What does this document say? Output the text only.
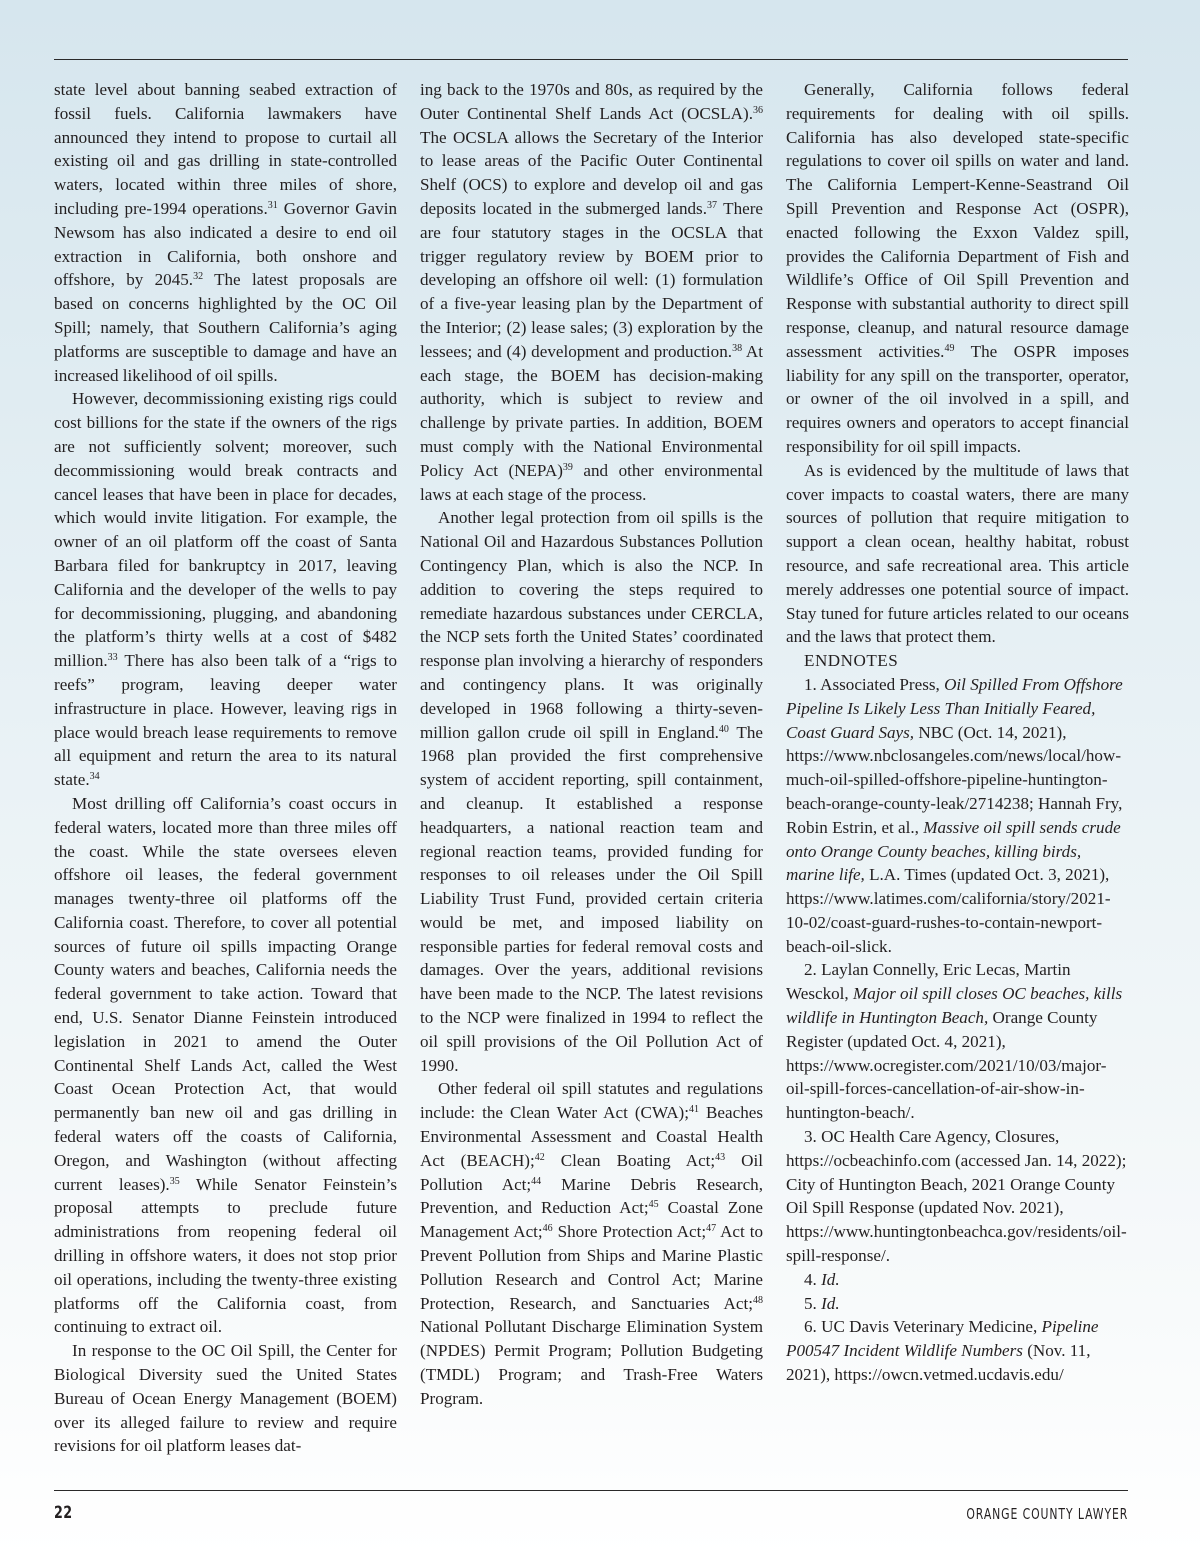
state level about banning seabed extraction of fossil fuels. California lawmakers have announced they intend to propose to curtail all existing oil and gas drilling in state-controlled waters, located within three miles of shore, including pre-1994 operations.$^{31}$ Governor Gavin Newsom has also indicated a desire to end oil extraction in California, both onshore and offshore, by 2045.32 The latest proposals are based on concerns highlighted by the OC Oil Spill; namely, that Southern California’s aging platforms are susceptible to damage and have an increased likelihood of oil spills.

However, decommissioning existing rigs could cost billions for the state if the owners of the rigs are not sufficiently solvent; moreover, such decommissioning would break contracts and cancel leases that have been in place for decades, which would invite litigation. For example, the owner of an oil platform off the coast of Santa Barbara filed for bankruptcy in 2017, leaving California and the developer of the wells to pay for decommissioning, plugging, and abandoning the platform’s thirty wells at a cost of $482 million.$^{33}$ There has also been talk of a “rigs to reefs” program, leaving deeper water infrastructure in place. However, leaving rigs in place would breach lease requirements to remove all equipment and return the area to its natural state.$^{34}$

Most drilling off California’s coast occurs in federal waters, located more than three miles off the coast. While the state oversees eleven offshore oil leases, the federal government manages twenty-three oil platforms off the California coast. Therefore, to cover all potential sources of future oil spills impacting Orange County waters and beaches, California needs the federal government to take action. Toward that end, U.S. Senator Dianne Feinstein introduced legislation in 2021 to amend the Outer Continental Shelf Lands Act, called the West Coast Ocean Protection Act, that would permanently ban new oil and gas drilling in federal waters off the coasts of California, Oregon, and Washington (without affecting current leases).$^{35}$ While Senator Feinstein’s proposal attempts to preclude future administrations from reopening federal oil drilling in offshore waters, it does not stop prior oil operations, including the twenty-three existing platforms off the California coast, from continuing to extract oil.

In response to the OC Oil Spill, the Center for Biological Diversity sued the United States Bureau of Ocean Energy Management (BOEM) over its alleged failure to review and require revisions for oil platform leases dat-

ing back to the 1970s and 80s, as required by the Outer Continental Shelf Lands Act (OCSLA).$^{36}$ The OCSLA allows the Secretary of the Interior to lease areas of the Pacific Outer Continental Shelf (OCS) to explore and develop oil and gas deposits located in the submerged lands.$^{37}$ There are four statutory stages in the OCSLA that trigger regulatory review by BOEM prior to developing an offshore oil well: (1) formulation of a five-year leasing plan by the Department of the Interior; (2) lease sales; (3) exploration by the lessees; and (4) development and production.$^{38}$ At each stage, the BOEM has decision-making authority, which is subject to review and challenge by private parties. In addition, BOEM must comply with the National Environmental Policy Act (NEPA)$^{39}$ and other environmental laws at each stage of the process.

Another legal protection from oil spills is the National Oil and Hazardous Substances Pollution Contingency Plan, which is also the NCP. In addition to covering the steps required to remediate hazardous substances under CERCLA, the NCP sets forth the United States’ coordinated response plan involving a hierarchy of responders and contingency plans. It was originally developed in 1968 following a thirty-seven-million gallon crude oil spill in England.$^{40}$ The 1968 plan provided the first comprehensive system of accident reporting, spill containment, and cleanup. It established a response headquarters, a national reaction team and regional reaction teams, provided funding for responses to oil releases under the Oil Spill Liability Trust Fund, provided certain criteria would be met, and imposed liability on responsible parties for federal removal costs and damages. Over the years, additional revisions have been made to the NCP. The latest revisions to the NCP were finalized in 1994 to reflect the oil spill provisions of the Oil Pollution Act of 1990.

Other federal oil spill statutes and regulations include: the Clean Water Act (CWA);$^{41}$ Beaches Environmental Assessment and Coastal Health Act (BEACH);$^{42}$ Clean Boating Act;$^{43}$ Oil Pollution Act;$^{44}$ Marine Debris Research, Prevention, and Reduction Act;$^{45}$ Coastal Zone Management Act;$^{46}$ Shore Protection Act;$^{47}$ Act to Prevent Pollution from Ships and Marine Plastic Pollution Research and Control Act; Marine Protection, Research, and Sanctuaries Act;$^{48}$ National Pollutant Discharge Elimination System (NPDES) Permit Program; Pollution Budgeting (TMDL) Program; and Trash-Free Waters Program.

Generally, California follows federal requirements for dealing with oil spills. California has also developed state-specific regulations to cover oil spills on water and land. The California Lempert-Kenne-Seastrand Oil Spill Prevention and Response Act (OSPR), enacted following the Exxon Valdez spill, provides the California Department of Fish and Wildlife’s Office of Oil Spill Prevention and Response with substantial authority to direct spill response, cleanup, and natural resource damage assessment activities.$^{49}$ The OSPR imposes liability for any spill on the transporter, operator, or owner of the oil involved in a spill, and requires owners and operators to accept financial responsibility for oil spill impacts.

As is evidenced by the multitude of laws that cover impacts to coastal waters, there are many sources of pollution that require mitigation to support a clean ocean, healthy habitat, robust resource, and safe recreational area. This article merely addresses one potential source of impact. Stay tuned for future articles related to our oceans and the laws that protect them.

ENDNOTES

1. Associated Press, Oil Spilled From Offshore Pipeline Is Likely Less Than Initially Feared, Coast Guard Says, NBC (Oct. 14, 2021), https://www.nbclosangeles.com/news/local/how-much-oil-spilled-offshore-pipeline-huntington-beach-orange-county-leak/2714238; Hannah Fry, Robin Estrin, et al., Massive oil spill sends crude onto Orange County beaches, killing birds, marine life, L.A. Times (updated Oct. 3, 2021), https://www.latimes.com/california/story/2021-10-02/coast-guard-rushes-to-contain-newport-beach-oil-slick.

2. Laylan Connelly, Eric Lecas, Martin Wesckol, Major oil spill closes OC beaches, kills wildlife in Huntington Beach, Orange County Register (updated Oct. 4, 2021), https://www.ocregister.com/2021/10/03/major-oil-spill-forces-cancellation-of-air-show-in-huntington-beach/.

3. OC Health Care Agency, Closures, https://ocbeachinfo.com (accessed Jan. 14, 2022); City of Huntington Beach, 2021 Orange County Oil Spill Response (updated Nov. 2021), https://www.huntingtonbeachca.gov/residents/oil-spill-response/.

4. Id.

5. Id.

6. UC Davis Veterinary Medicine, Pipeline P00547 Incident Wildlife Numbers (Nov. 11, 2021), https://owcn.vetmed.ucdavis.edu/

22	ORANGE COUNTY LAWYER
